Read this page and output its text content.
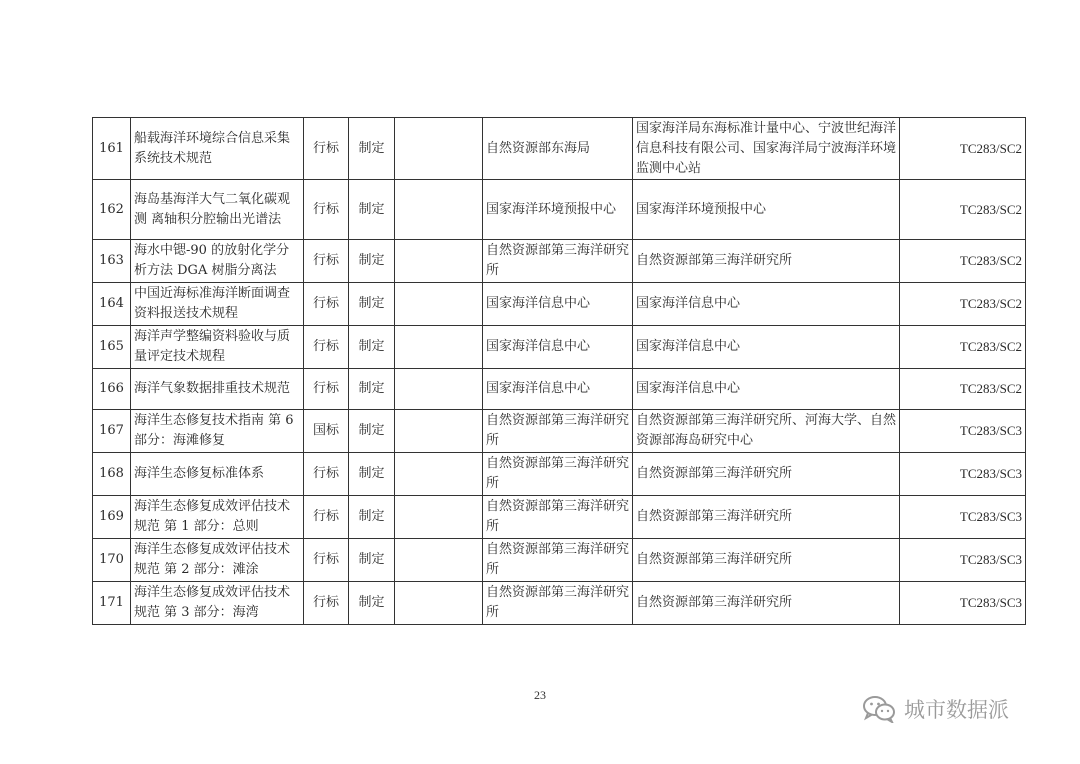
161	船载海洋环境综合信息采集系统技术规范	行标	制定		自然资源部东海局	国家海洋局东海标准计量中心、宁波世纪海洋信息科技有限公司、国家海洋局宁波海洋环境监测中心站	TC283/SC2
162	海岛基海洋大气二氧化碳观测 离轴积分腔输出光谱法	行标	制定		国家海洋环境预报中心	国家海洋环境预报中心	TC283/SC2
163	海水中锶-90 的放射化学分析方法 DGA 树脂分离法	行标	制定		自然资源部第三海洋研究所	自然资源部第三海洋研究所	TC283/SC2
164	中国近海标准海洋断面调查资料报送技术规程	行标	制定		国家海洋信息中心	国家海洋信息中心	TC283/SC2
165	海洋声学整编资料验收与质量评定技术规程	行标	制定		国家海洋信息中心	国家海洋信息中心	TC283/SC2
166	海洋气象数据排重技术规范	行标	制定		国家海洋信息中心	国家海洋信息中心	TC283/SC2
167	海洋生态修复技术指南 第 6 部分：海滩修复	国标	制定		自然资源部第三海洋研究所	自然资源部第三海洋研究所、河海大学、自然资源部海岛研究中心	TC283/SC3
168	海洋生态修复标准体系	行标	制定		自然资源部第三海洋研究所	自然资源部第三海洋研究所	TC283/SC3
169	海洋生态修复成效评估技术规范 第 1 部分：总则	行标	制定		自然资源部第三海洋研究所	自然资源部第三海洋研究所	TC283/SC3
170	海洋生态修复成效评估技术规范 第 2 部分：滩涂	行标	制定		自然资源部第三海洋研究所	自然资源部第三海洋研究所	TC283/SC3
171	海洋生态修复成效评估技术规范 第 3 部分：海湾	行标	制定		自然资源部第三海洋研究所	自然资源部第三海洋研究所	TC283/SC3
23
城市数据派
